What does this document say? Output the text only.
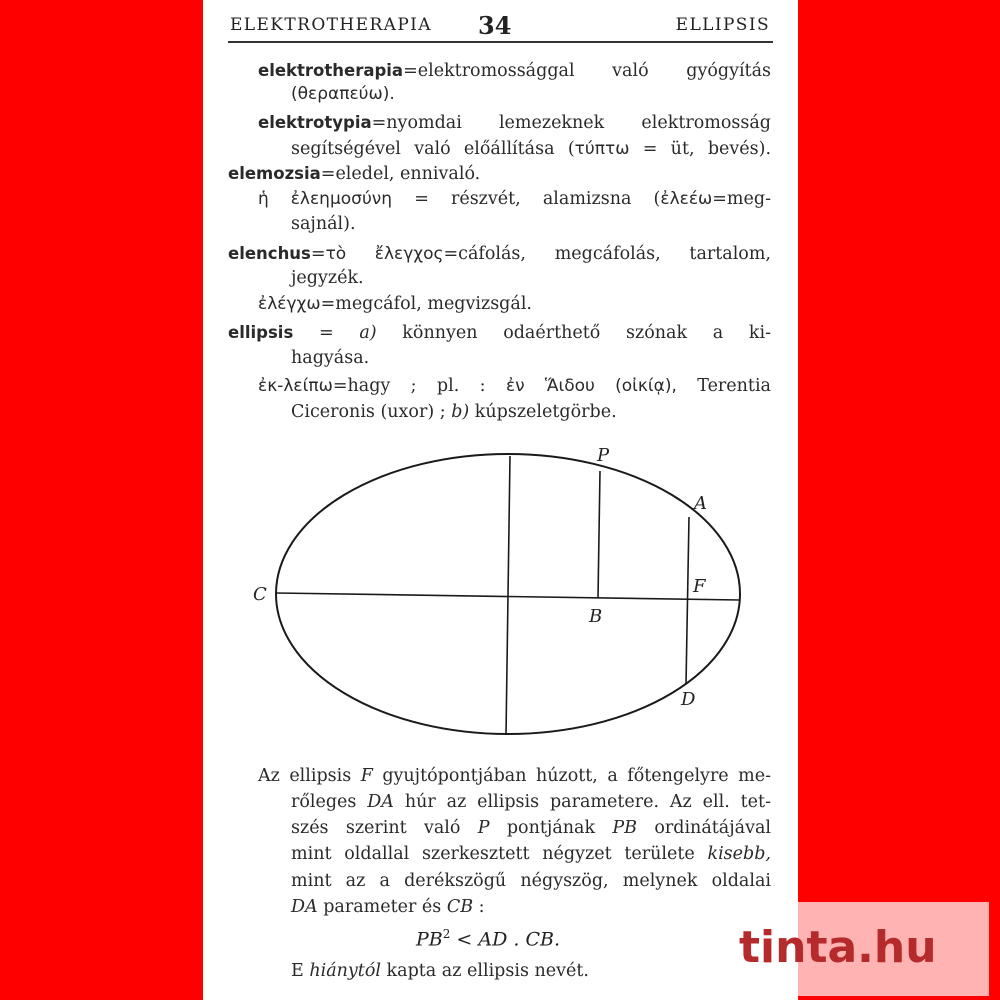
ELEKTROTHERAPIA 34	ELLIPSIS
elektrotherapia=elektromossággal való gyógyítás
(θεραπεύω).
elektrotypia=nyomdai lemezeknek elektromosság
segítségével való előállítása (τύπτω = üt, bevés).
elemozsia=eledel, ennivaló.
ἡ ἐλεημοσύνη = részvét, alamizsna (ἐλεέω=meg-
sajnál).
elenchus=τὸ ἔλεγχος=cáfolás, megcáfolás, tartalom,
jegyzék.
ἐλέγχω=megcáfol, megvizsgál.
ellipsis = a) könnyen odaérthető szónak a ki-
hagyása.
ἐκ-λείπω=hagy ; pl. : ἐν Ἅιδου (οἰκίᾳ), Terentia
Ciceronis (uxor) ; b) kúpszeletgörbe.
P
A
C	F
B
D
Az ellipsis F gyujtópontjában húzott, a főtengelyre me-
rőleges DA húr az ellipsis parametere. Az ell. tet-
szés szerint való P pontjának PB ordinátájával
mint oldallal szerkesztett négyzet területe kisebb,
mint az a derékszögű négyszög, melynek oldalai
DA parameter és CB :
$PB^2$ < AD . CB.
E hiánytól kapta az ellipsis nevét.	tinta.hu
